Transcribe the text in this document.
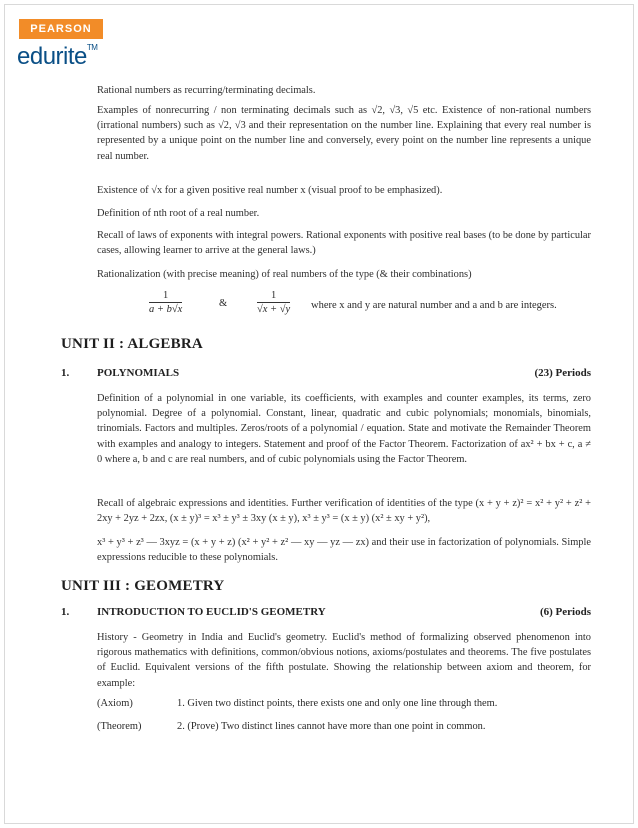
PEARSON
edurite™

Rational numbers as recurring/terminating decimals.

Examples of nonrecurring / non terminating decimals such as √2, √3, √5 etc. Existence of non-rational numbers (irrational numbers) such as √2, √3 and their representation on the number line. Explaining that every real number is represented by a unique point on the number line and conversely, every point on the number line represents a unique real number.

Existence of √x for a given positive real number x (visual proof to be emphasized).

Definition of nth root of a real number.

Recall of laws of exponents with integral powers. Rational exponents with positive real bases (to be done by particular cases, allowing learner to arrive at the general laws.)

Rationalization (with precise meaning) of real numbers of the type (& their combinations)

$\frac{1}{a + b√x}$	&	$\frac{1}{√x + √y}$ where x and y are natural number and a and b are integers.
UNIT II : ALGEBRA
1.	POLYNOMIALS	(23) Periods

Definition of a polynomial in one variable, its coefficients, with examples and counter examples, its terms, zero polynomial. Degree of a polynomial. Constant, linear, quadratic and cubic polynomials; monomials, binomials, trinomials. Factors and multiples. Zeros/roots of a polynomial / equation. State and motivate the Remainder Theorem with examples and analogy to integers. Statement and proof of the Factor Theorem. Factorization of ax² + bx + c, a ≠ 0 where a, b and c are real numbers, and of cubic polynomials using the Factor Theorem.

Recall of algebraic expressions and identities. Further verification of identities of the type (x + y + z)² = x² + y² + z² + 2xy + 2yz + 2zx, (x ± y)³ = x³ ± y³ ± 3xy (x ± y), x³ ± y³ = (x ± y) (x² ± xy + y²),

x³ + y³ + z³ — 3xyz = (x + y + z) (x² + y² + z² — xy — yz — zx) and their use in factorization of polynomials. Simple expressions reducible to these polynomials.

UNIT III : GEOMETRY
1.	INTRODUCTION TO EUCLID'S GEOMETRY	(6) Periods

History - Geometry in India and Euclid's geometry. Euclid's method of formalizing observed phenomenon into rigorous mathematics with definitions, common/obvious notions, axioms/postulates and theorems. The five postulates of Euclid. Equivalent versions of the fifth postulate. Showing the relationship between axiom and theorem, for example:

(Axiom)	1. Given two distinct points, there exists one and only one line through them.
(Theorem)	2. (Prove) Two distinct lines cannot have more than one point in common.
